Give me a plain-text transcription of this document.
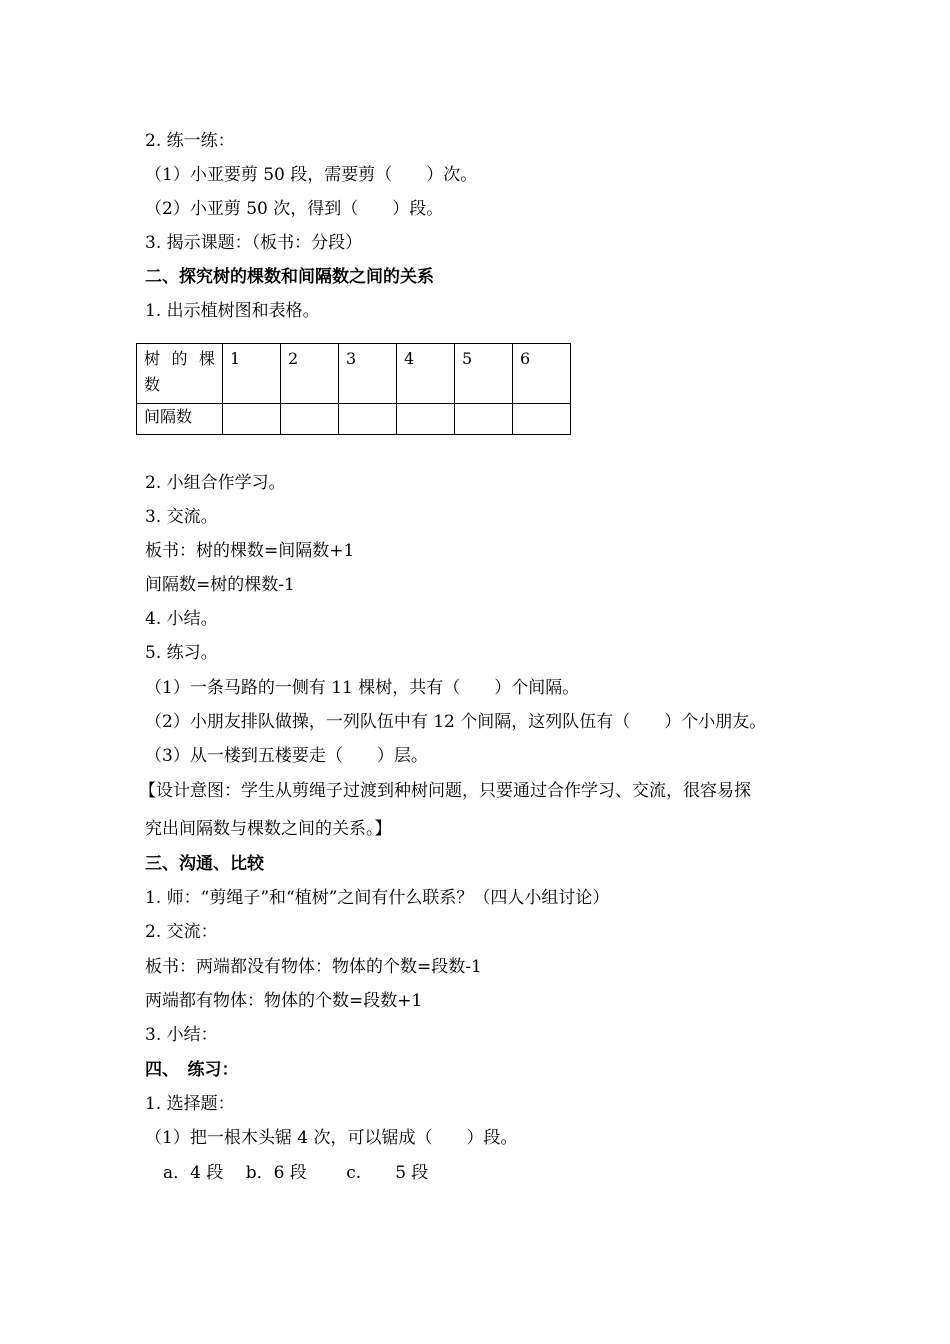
2. 练一练：

（1）小亚要剪 50 段，需要剪（　　）次。

（2）小亚剪 50 次，得到（　　）段。

3. 揭示课题：（板书：分段）

二、探究树的棵数和间隔数之间的关系

1. 出示植树图和表格。

树 的 棵
数	1	2	3	4	5	6
间隔数						

2. 小组合作学习。

3. 交流。

板书：树的棵数=间隔数+1

间隔数=树的棵数-1

4. 小结。

5. 练习。

（1）一条马路的一侧有 11 棵树，共有（　　）个间隔。

（2）小朋友排队做操，一列队伍中有 12 个间隔，这列队伍有（　　）个小朋友。

（3）从一楼到五楼要走（　　）层。

【设计意图：学生从剪绳子过渡到种树问题，只要通过合作学习、交流，很容易探

究出间隔数与棵数之间的关系。】

三、沟通、比较

1. 师：“剪绳子”和“植树”之间有什么联系？（四人小组讨论）

2. 交流：

板书：两端都没有物体：物体的个数=段数-1

两端都有物体：物体的个数=段数+1

3. 小结：

四、　练习：

1. 选择题：

（1）把一根木头锯 4 次，可以锯成（　　）段。

a．4 段　 b．6 段　　 c.　　5 段
